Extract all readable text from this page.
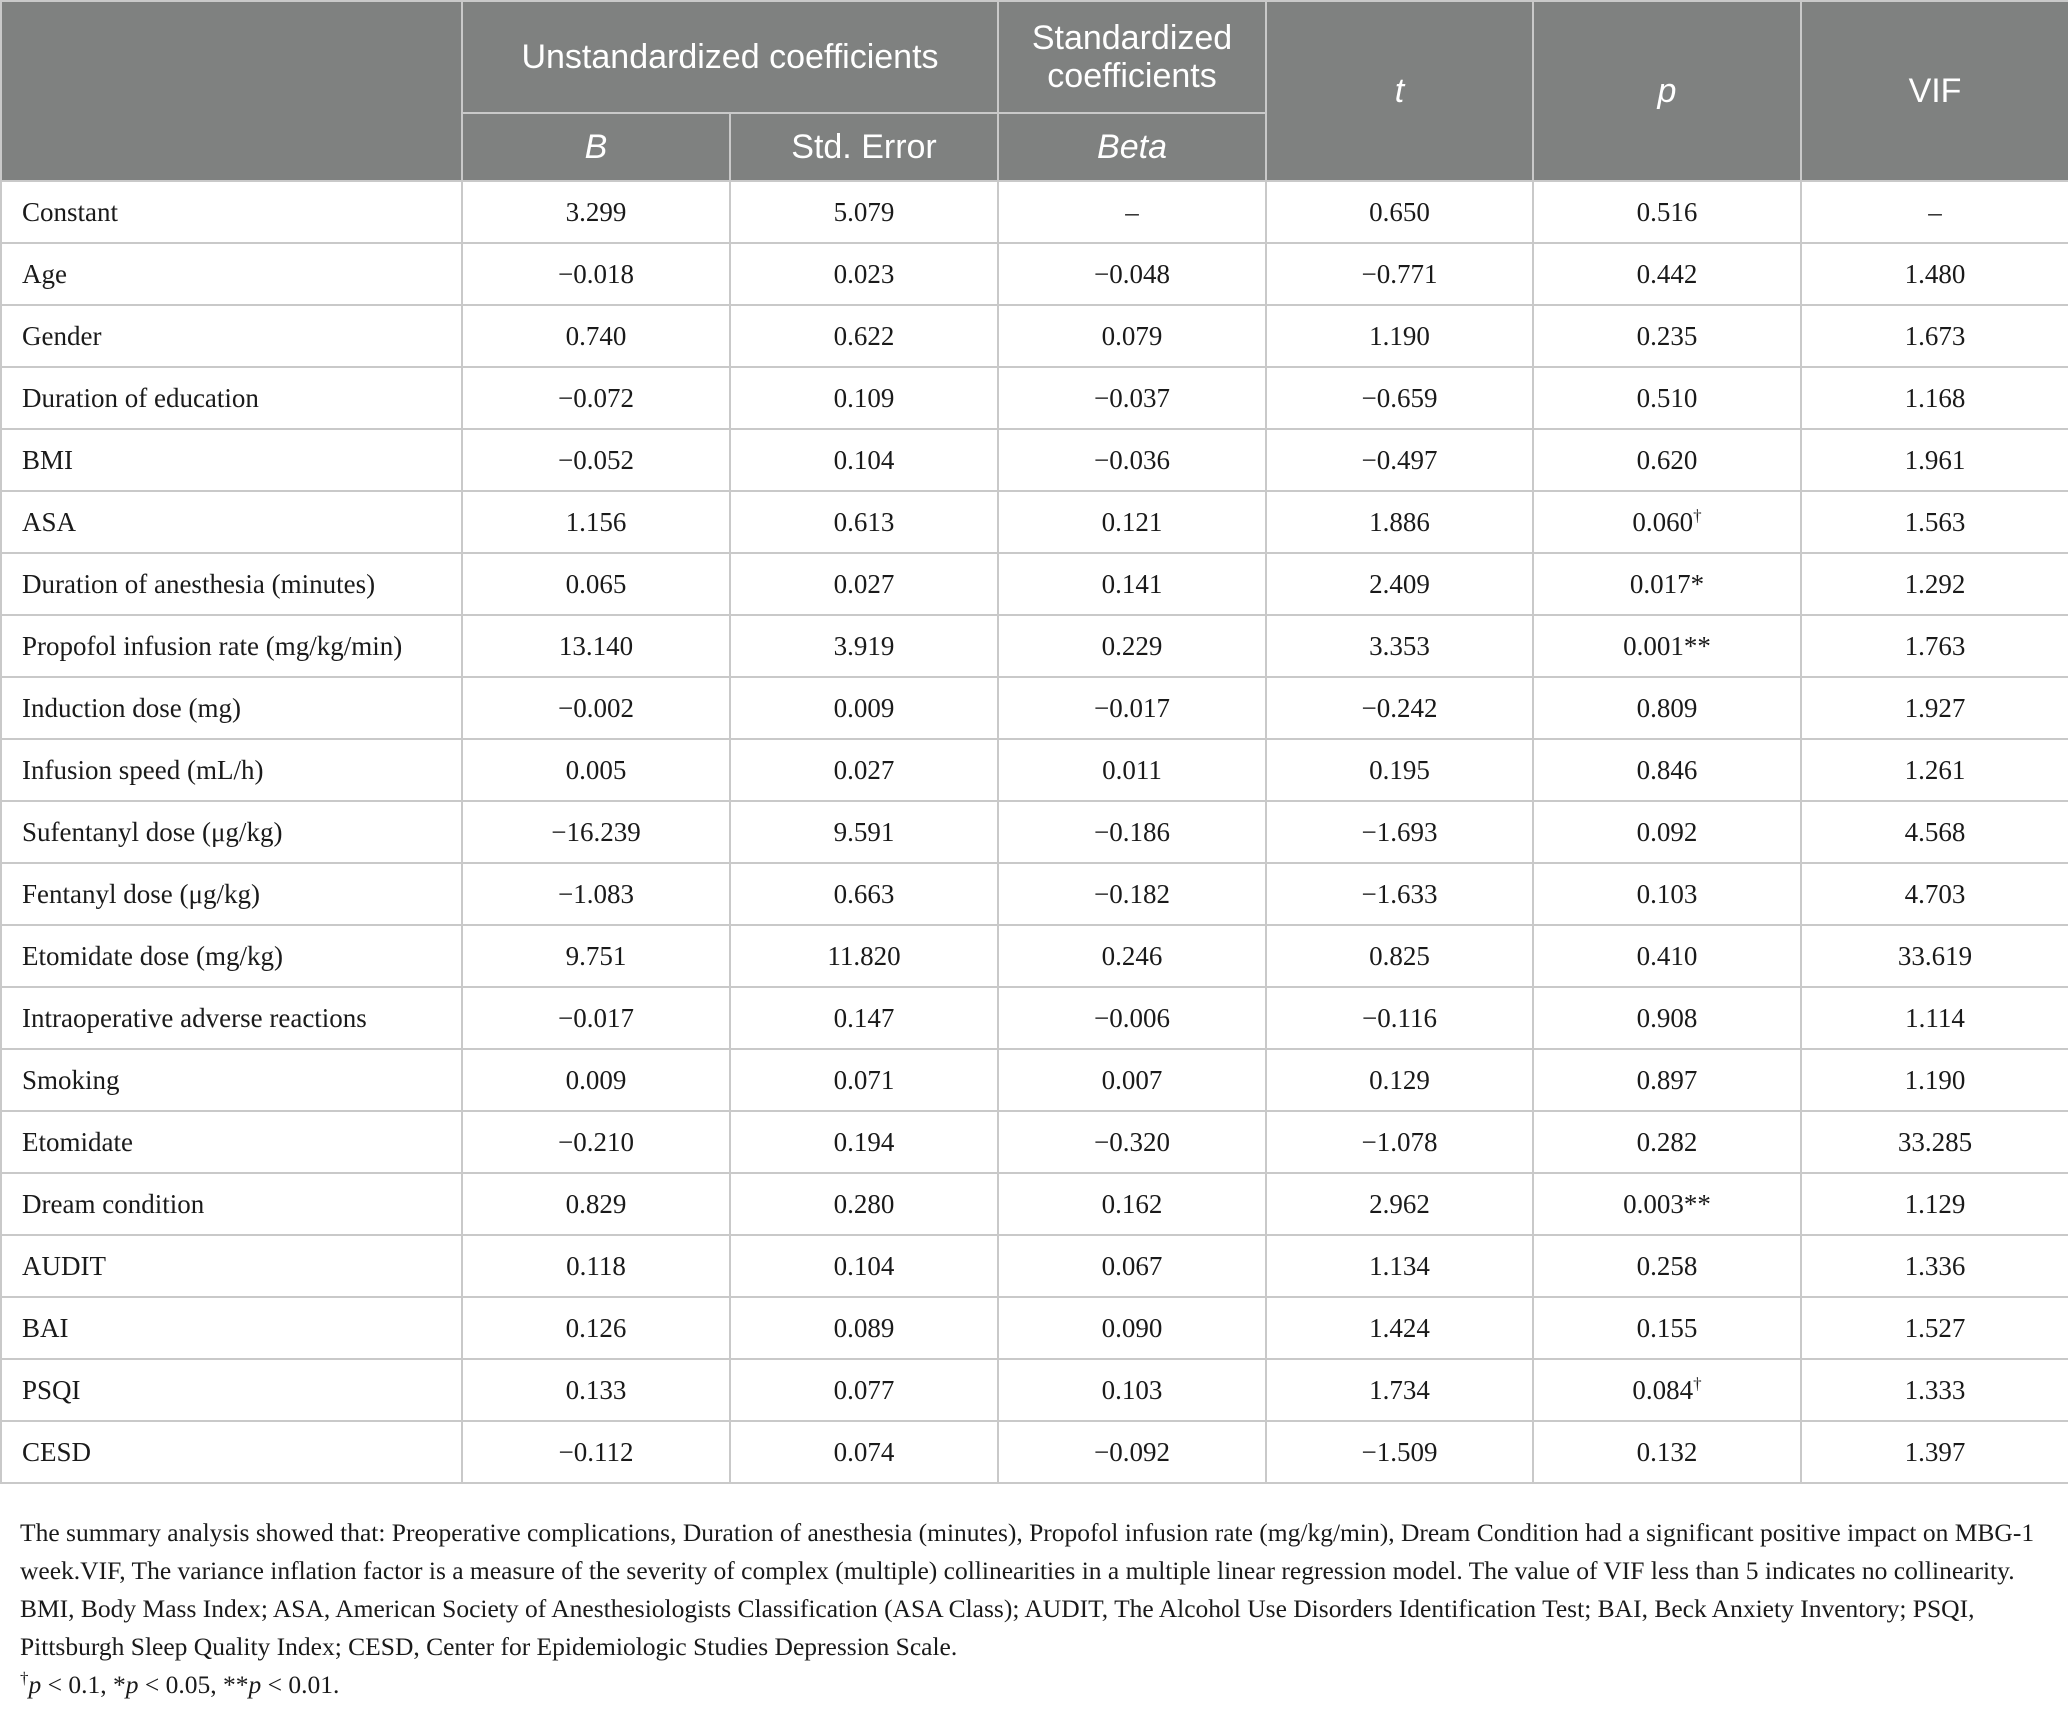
	Unstandardized coefficients		Standardized coefficients	t	p	VIF
	B	Std. Error	Beta			
Constant	3.299	5.079	–	0.650	0.516	–
Age	−0.018	0.023	−0.048	−0.771	0.442	1.480
Gender	0.740	0.622	0.079	1.190	0.235	1.673
Duration of education	−0.072	0.109	−0.037	−0.659	0.510	1.168
BMI	−0.052	0.104	−0.036	−0.497	0.620	1.961
ASA	1.156	0.613	0.121	1.886	0.060†	1.563
Duration of anesthesia (minutes)	0.065	0.027	0.141	2.409	0.017*	1.292
Propofol infusion rate (mg/kg/min)	13.140	3.919	0.229	3.353	0.001**	1.763
Induction dose (mg)	−0.002	0.009	−0.017	−0.242	0.809	1.927
Infusion speed (mL/h)	0.005	0.027	0.011	0.195	0.846	1.261
Sufentanyl dose (μg/kg)	−16.239	9.591	−0.186	−1.693	0.092	4.568
Fentanyl dose (μg/kg)	−1.083	0.663	−0.182	−1.633	0.103	4.703
Etomidate dose (mg/kg)	9.751	11.820	0.246	0.825	0.410	33.619
Intraoperative adverse reactions	−0.017	0.147	−0.006	−0.116	0.908	1.114
Smoking	0.009	0.071	0.007	0.129	0.897	1.190
Etomidate	−0.210	0.194	−0.320	−1.078	0.282	33.285
Dream condition	0.829	0.280	0.162	2.962	0.003**	1.129
AUDIT	0.118	0.104	0.067	1.134	0.258	1.336
BAI	0.126	0.089	0.090	1.424	0.155	1.527
PSQI	0.133	0.077	0.103	1.734	0.084†	1.333
CESD	−0.112	0.074	−0.092	−1.509	0.132	1.397
The summary analysis showed that: Preoperative complications, Duration of anesthesia (minutes), Propofol infusion rate (mg/kg/min), Dream Condition had a significant positive impact on MBG-1 week.VIF, The variance inflation factor is a measure of the severity of complex (multiple) collinearities in a multiple linear regression model. The value of VIF less than 5 indicates no collinearity. BMI, Body Mass Index; ASA, American Society of Anesthesiologists Classification (ASA Class); AUDIT, The Alcohol Use Disorders Identification Test; BAI, Beck Anxiety Inventory; PSQI, Pittsburgh Sleep Quality Index; CESD, Center for Epidemiologic Studies Depression Scale.
†p < 0.1, *p < 0.05, **p < 0.01.
